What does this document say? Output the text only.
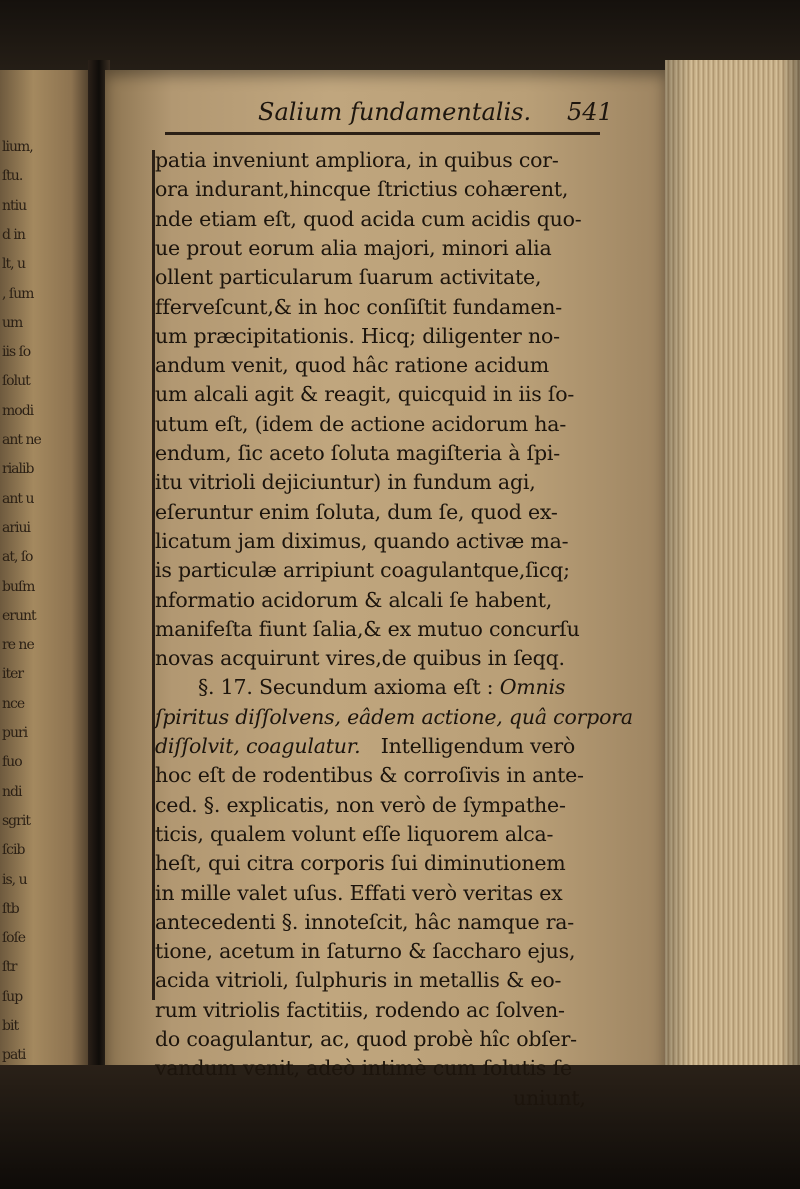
lium,
ſtu.
ntiu
d in
lt, u
, ſum
um
iis ſo
ſolut
modi
ant ne
rialib
ant u
ariui
at, ſo
buſm
erunt
re ne
iter
nce
puri
fuo
ndi
sgrit
ſcib
is, u
ſtb
ſoſe
ſtr
ſup
bit
pati
Salium fundamentalis. 541
patia inveniunt ampliora, in quibus cor-
ora indurant,hincque ſtrictius cohærent,
nde etiam eſt, quod acida cum acidis quo-
ue prout eorum alia majori, minori alia
ollent particularum ſuarum activitate,
fferveſcunt,& in hoc conſiſtit fundamen-
um præcipitationis. Hicq; diligenter no-
andum venit, quod hâc ratione acidum
um alcali agit & reagit, quicquid in iis ſo-
utum eſt, (idem de actione acidorum ha-
endum, ſic aceto ſoluta magiſteria à ſpi-
itu vitrioli dejiciuntur) in fundum agi,
eſeruntur enim ſoluta, dum ſe, quod ex-
licatum jam diximus, quando activæ ma-
is particulæ arripiunt coagulantque,ſicq;
nformatio acidorum & alcali ſe habent,
manifeſta fiunt ſalia,& ex mutuo concurſu
novas acquirunt vires,de quibus in ſeqq.
§. 17. Secundum axioma eſt : Omnis
ſpiritus diſſolvens, eâdem actione, quâ corpora
diſſolvit, coagulatur. Intelligendum verò
hoc eſt de rodentibus & corroſivis in ante-
ced. §. explicatis, non verò de ſympathe-
ticis, qualem volunt eſſe liquorem alca-
heſt, qui citra corporis ſui diminutionem
in mille valet uſus. Effati verò veritas ex
antecedenti §. innoteſcit, hâc namque ra-
tione, acetum in ſaturno & ſaccharo ejus,
acida vitrioli, ſulphuris in metallis & eo-
rum vitriolis factitiis, rodendo ac ſolven-
do coagulantur, ac, quod probè hîc obſer-
vandum venit, adeò intimè cum ſolutis ſe
uniunt,
